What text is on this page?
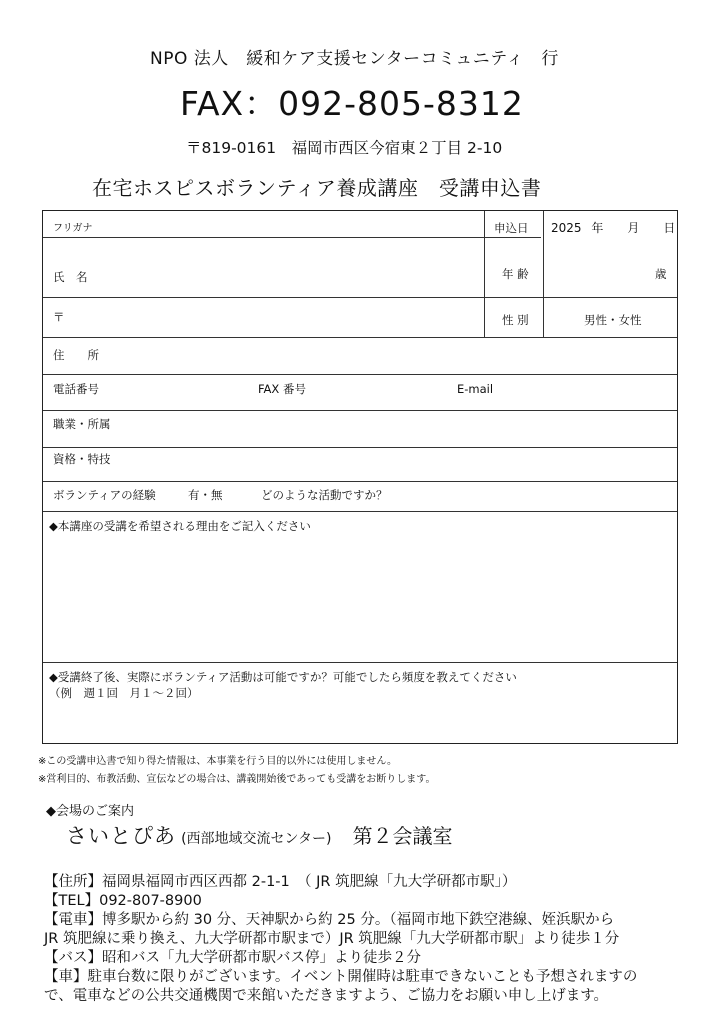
NPO 法人　緩和ケア支援センターコミュニティ　行
FAX：092-805-8312
〒819-0161　福岡市西区今宿東２丁目 2-10
在宅ホスピスボランティア養成講座　受講申込書
フリガナ	申込日 2025 年　　月　　日
氏　名	年 齢	歳
〒	性 別	男性・女性
住　　所
電話番号	FAX 番号	E-mail
職業・所属
資格・特技
ボランティアの経験	有・無	どのような活動ですか？
◆本講座の受講を希望される理由をご記入ください
◆受講終了後、実際にボランティア活動は可能ですか？可能でしたら頻度を教えてください
（例　週１回　月１～２回）
※この受講申込書で知り得た情報は、本事業を行う目的以外には使用しません。
※営利目的、布教活動、宣伝などの場合は、講義開始後であっても受講をお断りします。
◆会場のご案内
さいとぴあ (西部地域交流センター) 第２会議室
【住所】福岡県福岡市西区西都 2-1-1　（ JR 筑肥線「九大学研都市駅」）
【TEL】092-807-8900
【電車】博多駅から約 30 分、天神駅から約 25 分。（福岡市地下鉄空港線、姪浜駅から
JR 筑肥線に乗り換え、九大学研都市駅まで）JR 筑肥線「九大学研都市駅」より徒歩１分
【バス】昭和バス「九大学研都市駅バス停」より徒歩２分
【車】駐車台数に限りがございます。イベント開催時は駐車できないことも予想されますの
で、電車などの公共交通機関で来館いただきますよう、ご協力をお願い申し上げます。
